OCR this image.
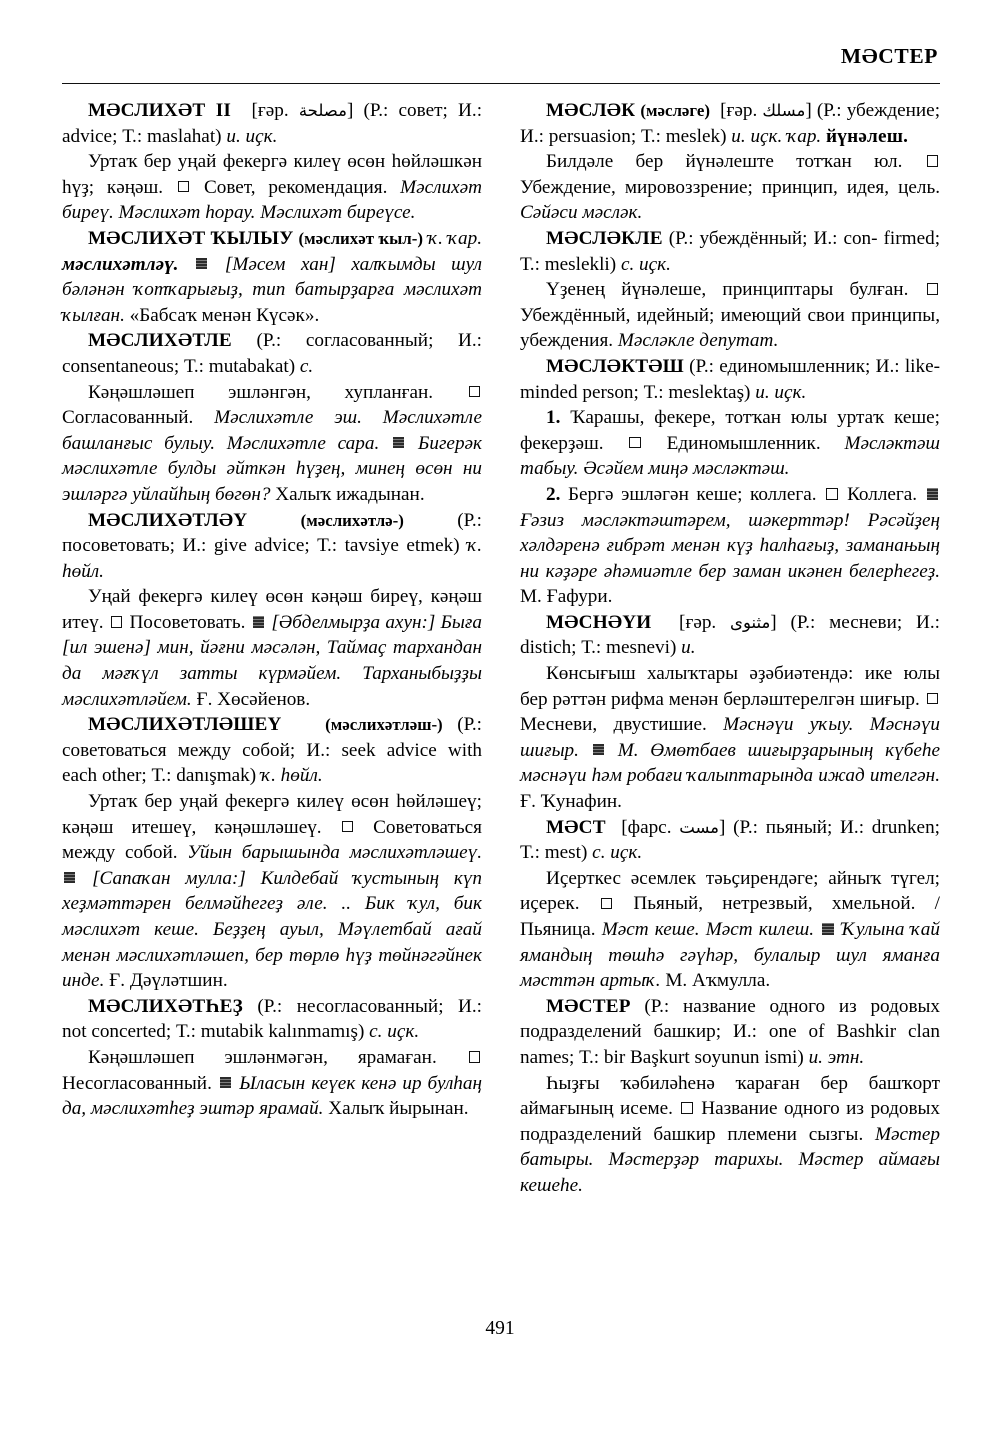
МӘСТЕР

МӘСЛИХӘТ II  [ғәр. مصلحة] (Р.: совет; И.: advice; Т.: maslahat) и. иҫк.

Уртаҡ бер уңай фекергә килеү өсөн һөйләшкән һүҙ; кәңәш. Совет, рекомендация. Мәслихәт биреү. Мәслихәт һорау. Мәслихәт биреүсе.

МӘСЛИХӘТ ҠЫЛЫУ (мәслихәт ҡыл-) ҡ. ҡар. мәслихәтләү. [Мәсем хан] халҡымды шул бәләнән ҡотҡарығыҙ, тип батырҙарға мәслихәт ҡылған. «Бабсаҡ менән Күсәк».

МӘСЛИХӘТЛЕ (Р.: согласованный; И.: consentaneous; Т.: mutabakat) с.

Кәңәшләшеп эшләнгән, хупланған.  Согласованный. Мәслихәтле эш. Мәслихәтле башланғыс булыу. Мәслихәтле сара. Бигерәк мәслихәтле булды әйткән һүҙең, минең өсөн ни эшләргә уйлайһың бөгөн? Халыҡ ижадынан.

МӘСЛИХӘТЛӘҮ	(мәслихәтлә-)	(Р.: посоветовать; И.: give advice; Т.: tavsiye etmek) ҡ. һөйл.

Уңай фекергә килеү өсөн кәңәш биреү, кәңәш итеү. Посоветовать. [Әбделмырҙа ахун:] Быға [ил эшенә] мин, йәғни мәсәлән, Таймаҫ тархандан да мәғҡүл затты күрмәйем. Тарханыбыҙҙы мәслихәтләйем. Ғ. Хөсәйенов.

МӘСЛИХӘТЛӘШЕҮ	(мәслихәтләш-) (Р.: советоваться между собой; И.: seek advice with each other; Т.: danışmak) ҡ. һөйл.

Уртаҡ бер уңай фекергә килеү өсөн һөйләшеү; кәңәш итешеү, кәңәшләшеү.	Советоваться между собой. Уйын барышында мәслихәтләшеү.  [Сапаҡан мулла:] Килдебай ҡустының күп хеҙмәттәрен белмәйһегеҙ әле. .. Бик ҡул, бик мәслихәт кеше. Беҙҙең ауыл, Мәүлетбай ағай менән мәслихәтләшеп, бер төрлө һүҙ төйнәгәйнек инде. Ғ. Дәүләтшин.

МӘСЛИХӘТҺЕҘ (Р.: несогласованный; И.: not concerted; Т.: mutabik kalınmamış) с. иҫк.

Кәңәшләшеп эшләнмәгән, ярамаған.  Несогласованный. Ыласын кеүек кенә ир булһаң да, мәслихәтһеҙ эштәр ярамай. Халыҡ йырынан.

МӘСЛӘК (мәсләге)  [ғәр. مسلك] (Р.: убеждение; И.: persuasion; Т.: meslek) и. иҫк. ҡар. йүнәлеш.

Билдәле бер йүнәлеште тотҡан юл.  Убеждение, мировоззрение; принцип, идея, цель. Сәйәси мәсләк.

МӘСЛӘКЛЕ (Р.: убеждённый; И.: con- firmed; Т.: meslekli) с. иҫк.

Үҙенең йүнәлеше, принциптары булған.  Убеждённый, идейный; имеющий свои принципы, убеждения. Мәсләкле депутат.

МӘСЛӘКТӘШ (Р.: единомышленник; И.: like-minded person; Т.: meslektaş) и. иҫк.

1. Ҡарашы, фекере, тотҡан юлы уртаҡ кеше; фекерҙәш.	Единомышленник. Мәсләктәш табыу. Әсәйем миңә мәсләктәш.

2. Бергә эшләгән кеше; коллега. Коллега.  Ғәзиз мәсләктәштәрем, шәкерттәр! Рәсәйҙең хәлдәренә ғибрәт менән күҙ һалһағыҙ, заманањың ни кәҙәре әһәмиәтле бер заман икәнен белерһегеҙ. М. Ғафури.

МӘСНӘҮИ  [ғәр. مثنوى] (Р.: месневи; И.: distich; Т.: mesnevi) и.

Көнсығыш халыҡтары әҙәбиәтендә: ике юлы бер рәттән рифма менән берләштерелгән шиғыр.  Месневи, двустишие. Мәснәүи уҡыу. Мәснәүи шиғыр. М. Өмөтбаев шиғырҙарының күбеһе мәснәүи һәм робағи ҡалыптарында ижад ителгән. Ғ. Ҡунафин.

МӘСТ  [фарс. مست] (Р.: пьяный; И.: drunken; Т.: mest) с. иҫк.

Иҫерткес әсемлек тәьҫирендәге; айныҡ түгел; иҫерек.	Пьяный, нетрезвый, хмельной. / Пьяница. Мәст кеше. Мәст килеш. Ҡулына ҡай ямандың төшһә гәүһәр, булалыр шул яманға мәсттән артыҡ. М. Аҡмулла.

МӘСТЕР (Р.: название одного из родовых подразделений башкир; И.: one of Bashkir clan names; Т.: bir Başkurt soyunun ismi) и. этн.

Һыҙғы ҡәбиләһенә ҡараған бер башҡорт аймағының исеме. Название одного из родовых подразделений башкир племени сызгы. Мәстер батыры. Мәстерҙәр тарихы. Мәстер аймағы кешеһе.

491
